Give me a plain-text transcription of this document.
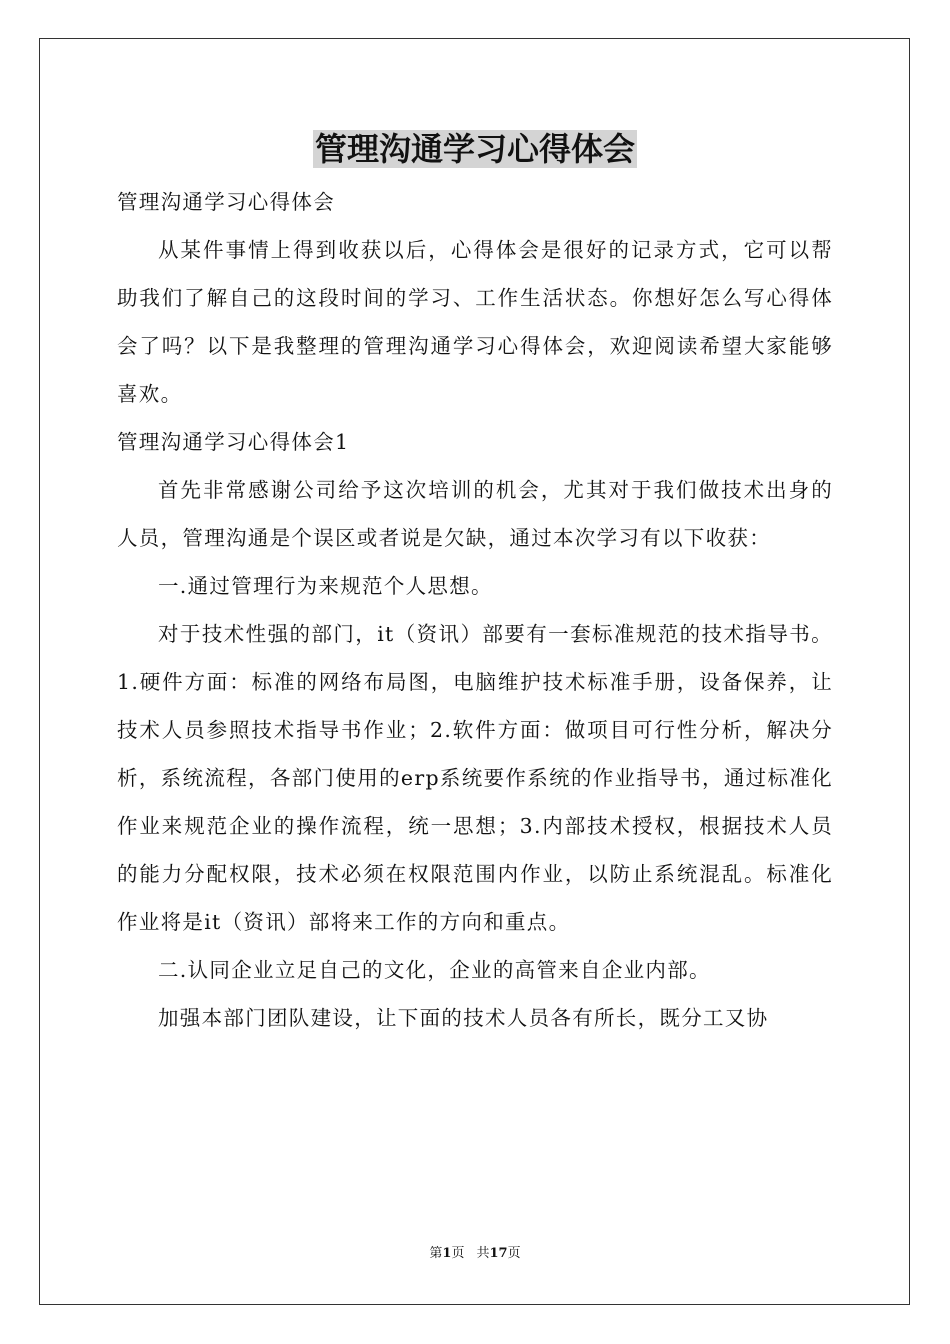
管理沟通学习心得体会

管理沟通学习心得体会

从某件事情上得到收获以后，心得体会是很好的记录方式，它可以帮助我们了解自己的这段时间的学习、工作生活状态。你想好怎么写心得体会了吗？以下是我整理的管理沟通学习心得体会，欢迎阅读希望大家能够喜欢。

管理沟通学习心得体会1

首先非常感谢公司给予这次培训的机会，尤其对于我们做技术出身的人员，管理沟通是个误区或者说是欠缺，通过本次学习有以下收获：

一.通过管理行为来规范个人思想。

对于技术性强的部门，it（资讯）部要有一套标准规范的技术指导书。1.硬件方面：标准的网络布局图，电脑维护技术标准手册，设备保养，让技术人员参照技术指导书作业；2.软件方面：做项目可行性分析，解决分析，系统流程，各部门使用的erp系统要作系统的作业指导书，通过标准化作业来规范企业的操作流程，统一思想；3.内部技术授权，根据技术人员的能力分配权限，技术必须在权限范围内作业，以防止系统混乱。标准化作业将是it（资讯）部将来工作的方向和重点。

二.认同企业立足自己的文化，企业的高管来自企业内部。

加强本部门团队建设，让下面的技术人员各有所长，既分工又协

第1页 共17页
